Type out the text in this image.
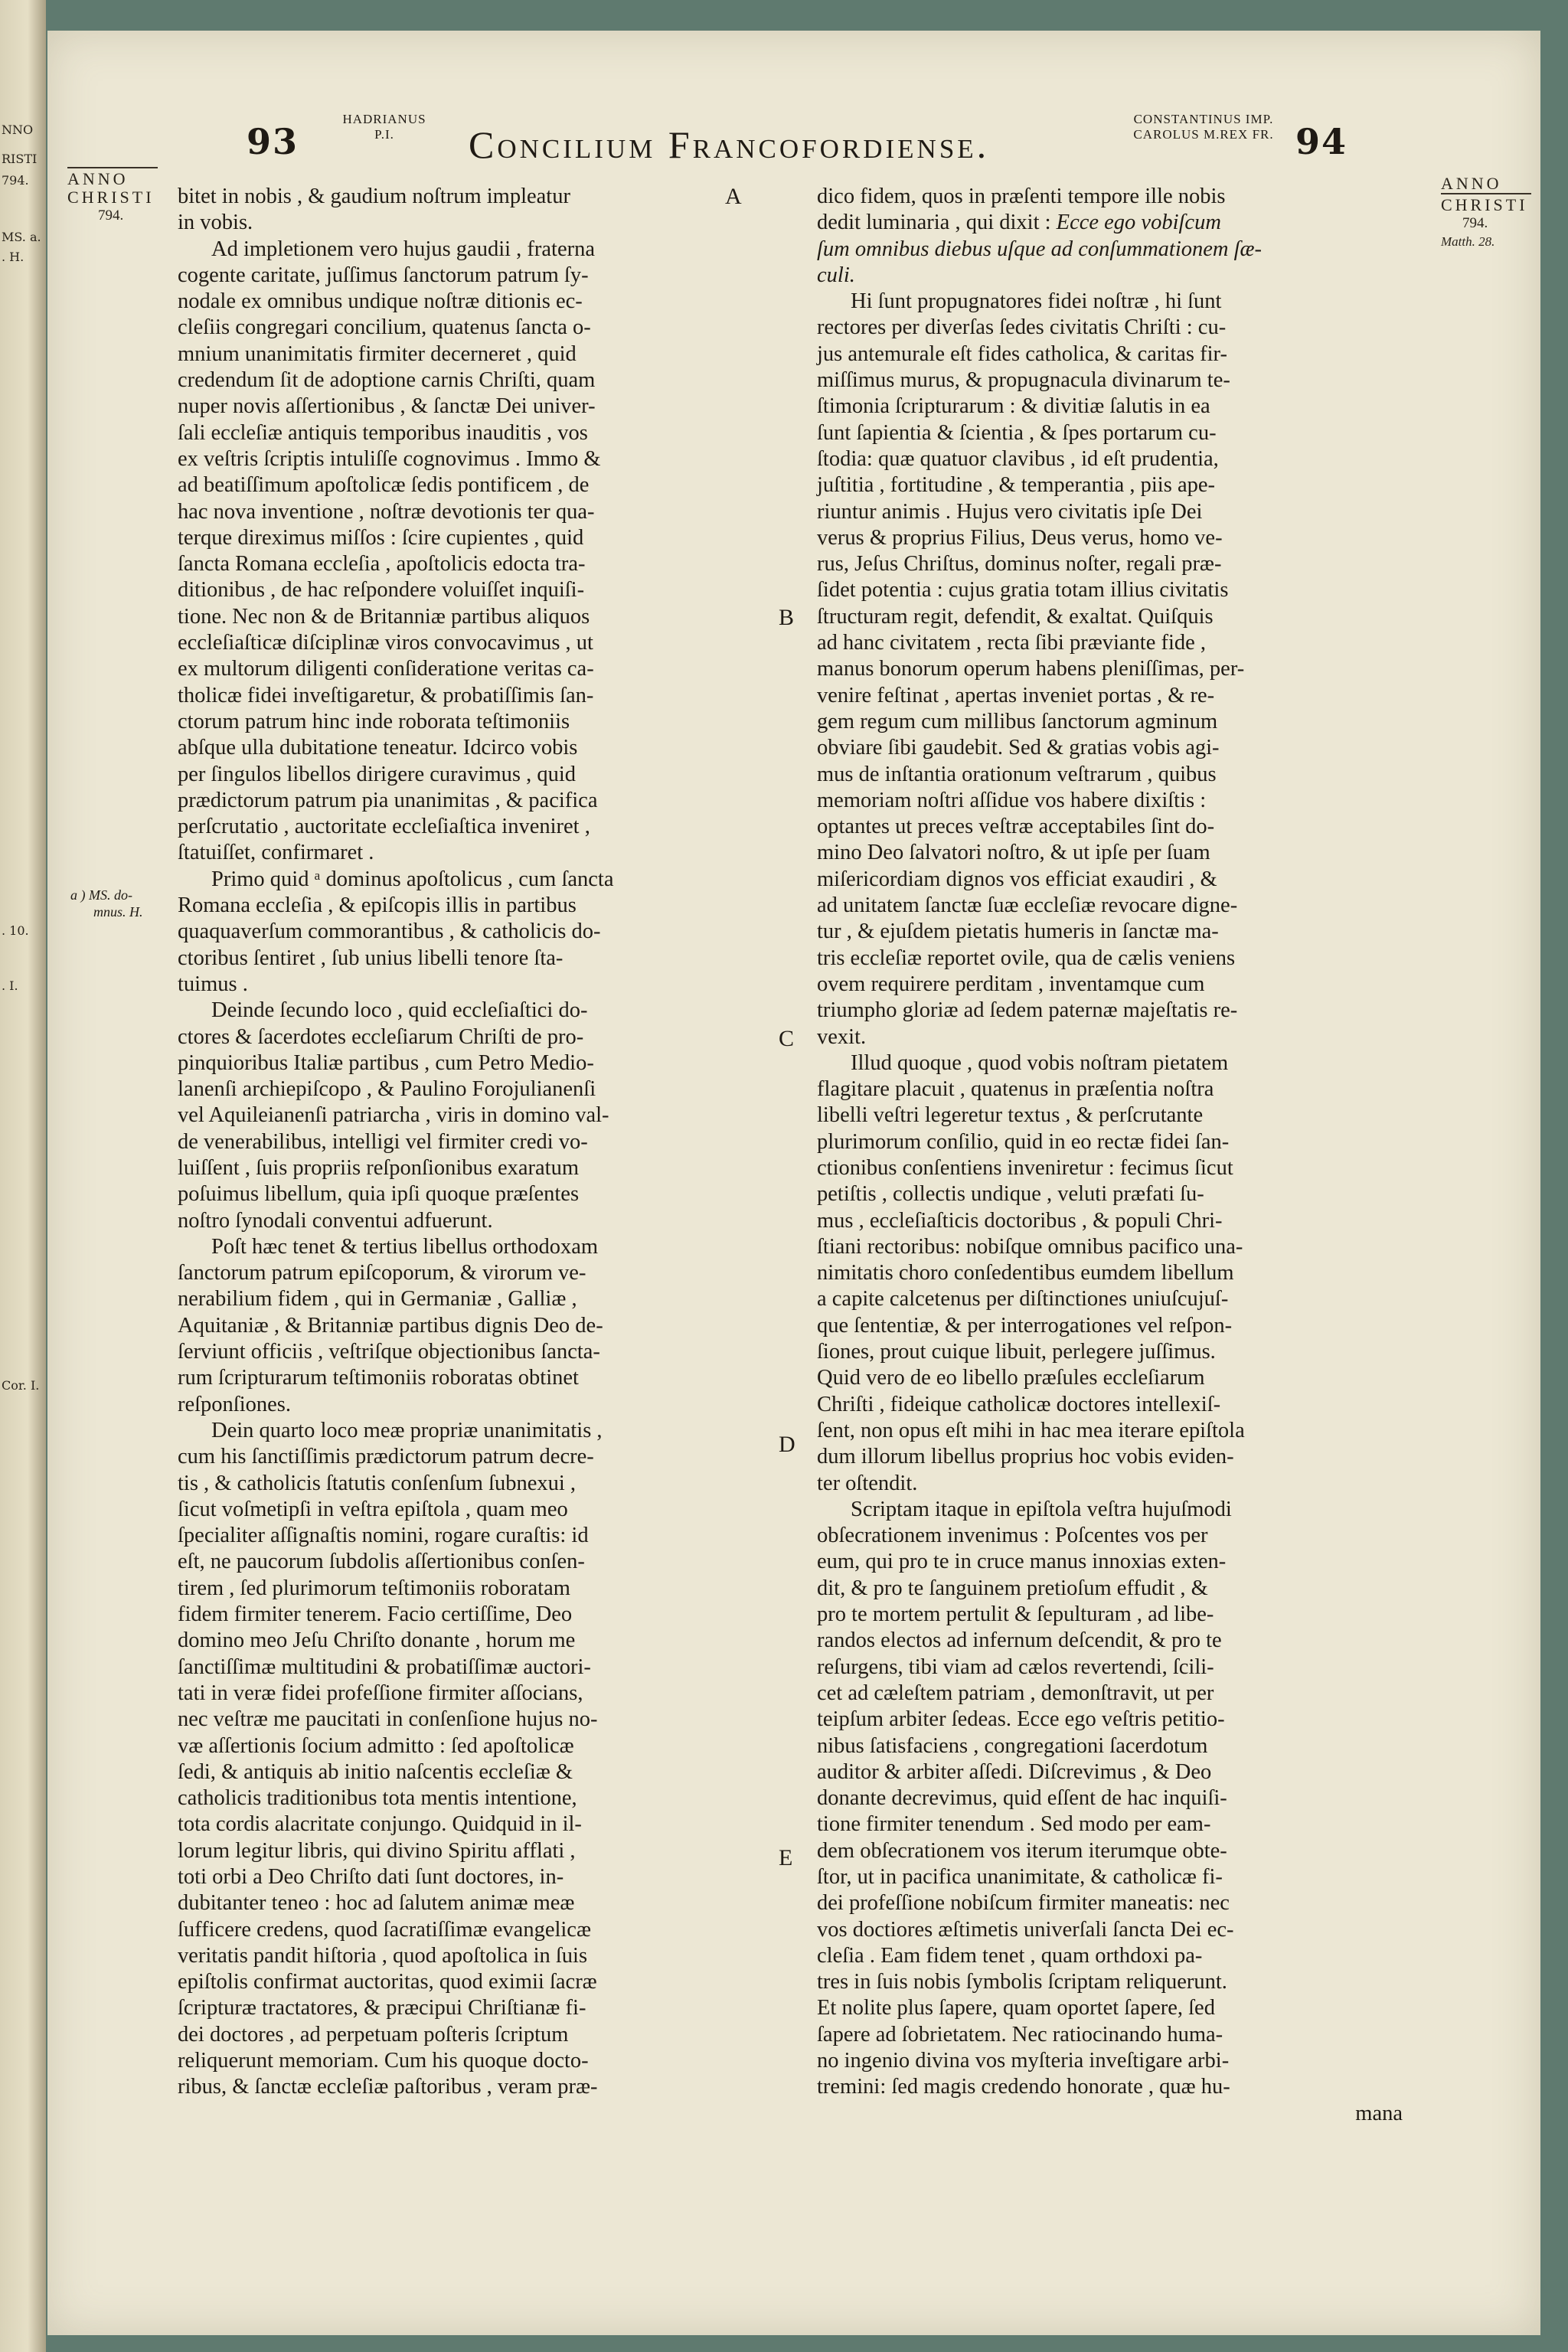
NNO
RISTI
794.
MS. a.
. H.
. 10.
. I.
Cor. I.
93
HADRIANUS
P.I.	Concilium Francofordiense.
CONSTANTINUS IMP.
CAROLUS M.REX FR. 94
ANNO
CHRISTI
794.
ANNO
CHRISTI
794.
Matth. 28.
a ) MS. do-
mnus. H.
A
B
C
D
E
bitet in nobis , & gaudium noſtrum impleatur
in vobis.
Ad impletionem vero hujus gaudii , fraterna
cogente caritate, juſſimus ſanctorum patrum ſy-
nodale ex omnibus undique noſtræ ditionis ec-
cleſiis congregari concilium, quatenus ſancta o-
mnium unanimitatis firmiter decerneret , quid
credendum ſit de adoptione carnis Chriſti, quam
nuper novis aſſertionibus , & ſanctæ Dei univer-
ſali eccleſiæ antiquis temporibus inauditis , vos
ex veſtris ſcriptis intuliſſe cognovimus . Immo &
ad beatiſſimum apoſtolicæ ſedis pontificem , de
hac nova inventione , noſtræ devotionis ter qua-
terque direximus miſſos : ſcire cupientes , quid
ſancta Romana eccleſia , apoſtolicis edocta tra-
ditionibus , de hac reſpondere voluiſſet inquiſi-
tione. Nec non & de Britanniæ partibus aliquos
eccleſiaſticæ diſciplinæ viros convocavimus , ut
ex multorum diligenti conſideratione veritas ca-
tholicæ fidei inveſtigaretur, & probatiſſimis ſan-
ctorum patrum hinc inde roborata teſtimoniis
abſque ulla dubitatione teneatur. Idcirco vobis
per ſingulos libellos dirigere curavimus , quid
prædictorum patrum pia unanimitas , & pacifica
perſcrutatio , auctoritate eccleſiaſtica inveniret ,
ſtatuiſſet, confirmaret .
Primo quid ᵃ dominus apoſtolicus , cum ſancta
Romana eccleſia , & epiſcopis illis in partibus
quaquaverſum commorantibus , & catholicis do-
ctoribus ſentiret , ſub unius libelli tenore ſta-
tuimus .
Deinde ſecundo loco , quid eccleſiaſtici do-
ctores & ſacerdotes eccleſiarum Chriſti de pro-
pinquioribus Italiæ partibus , cum Petro Medio-
lanenſi archiepiſcopo , & Paulino Forojulianenſi
vel Aquileianenſi patriarcha , viris in domino val-
de venerabilibus, intelligi vel firmiter credi vo-
luiſſent , ſuis propriis reſponſionibus exaratum
poſuimus libellum, quia ipſi quoque præſentes
noſtro ſynodali conventui adfuerunt.
Poſt hæc tenet & tertius libellus orthodoxam
ſanctorum patrum epiſcoporum, & virorum ve-
nerabilium fidem , qui in Germaniæ , Galliæ ,
Aquitaniæ , & Britanniæ partibus dignis Deo de-
ſerviunt officiis , veſtriſque objectionibus ſancta-
rum ſcripturarum teſtimoniis roboratas obtinet
reſponſiones.
Dein quarto loco meæ propriæ unanimitatis ,
cum his ſanctiſſimis prædictorum patrum decre-
tis , & catholicis ſtatutis conſenſum ſubnexui ,
ſicut voſmetipſi in veſtra epiſtola , quam meo
ſpecialiter aſſignaſtis nomini, rogare curaſtis: id
eſt, ne paucorum ſubdolis aſſertionibus conſen-
tirem , ſed plurimorum teſtimoniis roboratam
fidem firmiter tenerem. Facio certiſſime, Deo
domino meo Jeſu Chriſto donante , horum me
ſanctiſſimæ multitudini & probatiſſimæ auctori-
tati in veræ fidei profeſſione firmiter aſſocians,
nec veſtræ me paucitati in conſenſione hujus no-
væ aſſertionis ſocium admitto : ſed apoſtolicæ
ſedi, & antiquis ab initio naſcentis eccleſiæ &
catholicis traditionibus tota mentis intentione,
tota cordis alacritate conjungo. Quidquid in il-
lorum legitur libris, qui divino Spiritu afflati ,
toti orbi a Deo Chriſto dati ſunt doctores, in-
dubitanter teneo : hoc ad ſalutem animæ meæ
ſufficere credens, quod ſacratiſſimæ evangelicæ
veritatis pandit hiſtoria , quod apoſtolica in ſuis
epiſtolis confirmat auctoritas, quod eximii ſacræ
ſcripturæ tractatores, & præcipui Chriſtianæ fi-
dei doctores , ad perpetuam poſteris ſcriptum
reliquerunt memoriam. Cum his quoque docto-
ribus, & ſanctæ eccleſiæ paſtoribus , veram præ-
dico fidem, quos in præſenti tempore ille nobis
dedit luminaria , qui dixit : Ecce ego vobiſcum
ſum omnibus diebus uſque ad conſummationem ſæ-
culi.
Hi ſunt propugnatores fidei noſtræ , hi ſunt
rectores per diverſas ſedes civitatis Chriſti : cu-
jus antemurale eſt fides catholica, & caritas fir-
miſſimus murus, & propugnacula divinarum te-
ſtimonia ſcripturarum : & divitiæ ſalutis in ea
ſunt ſapientia & ſcientia , & ſpes portarum cu-
ſtodia: quæ quatuor clavibus , id eſt prudentia,
juſtitia , fortitudine , & temperantia , piis ape-
riuntur animis . Hujus vero civitatis ipſe Dei
verus & proprius Filius, Deus verus, homo ve-
rus, Jeſus Chriſtus, dominus noſter, regali præ-
ſidet potentia : cujus gratia totam illius civitatis
ſtructuram regit, defendit, & exaltat. Quiſquis
ad hanc civitatem , recta ſibi præviante fide ,
manus bonorum operum habens pleniſſimas, per-
venire feſtinat , apertas inveniet portas , & re-
gem regum cum millibus ſanctorum agminum
obviare ſibi gaudebit. Sed & gratias vobis agi-
mus de inſtantia orationum veſtrarum , quibus
memoriam noſtri aſſidue vos habere dixiſtis :
optantes ut preces veſtræ acceptabiles ſint do-
mino Deo ſalvatori noſtro, & ut ipſe per ſuam
miſericordiam dignos vos efficiat exaudiri , &
ad unitatem ſanctæ ſuæ eccleſiæ revocare digne-
tur , & ejuſdem pietatis humeris in ſanctæ ma-
tris eccleſiæ reportet ovile, qua de cælis veniens
ovem requirere perditam , inventamque cum
triumpho gloriæ ad ſedem paternæ majeſtatis re-
vexit.
Illud quoque , quod vobis noſtram pietatem
flagitare placuit , quatenus in præſentia noſtra
libelli veſtri legeretur textus , & perſcrutante
plurimorum conſilio, quid in eo rectæ fidei ſan-
ctionibus conſentiens inveniretur : fecimus ſicut
petiſtis , collectis undique , veluti præfati ſu-
mus , eccleſiaſticis doctoribus , & populi Chri-
ſtiani rectoribus: nobiſque omnibus pacifico una-
nimitatis choro conſedentibus eumdem libellum
a capite calcetenus per diſtinctiones uniuſcujuſ-
que ſententiæ, & per interrogationes vel reſpon-
ſiones, prout cuique libuit, perlegere juſſimus.
Quid vero de eo libello præſules eccleſiarum
Chriſti , fideique catholicæ doctores intellexiſ-
ſent, non opus eſt mihi in hac mea iterare epiſtola
dum illorum libellus proprius hoc vobis eviden-
ter oſtendit.
Scriptam itaque in epiſtola veſtra hujuſmodi
obſecrationem invenimus : Poſcentes vos per
eum, qui pro te in cruce manus innoxias exten-
dit, & pro te ſanguinem pretioſum effudit , &
pro te mortem pertulit & ſepulturam , ad libe-
randos electos ad infernum deſcendit, & pro te
reſurgens, tibi viam ad cælos revertendi, ſcili-
cet ad cæleſtem patriam , demonſtravit, ut per
teipſum arbiter ſedeas. Ecce ego veſtris petitio-
nibus ſatisfaciens , congregationi ſacerdotum
auditor & arbiter aſſedi. Diſcrevimus , & Deo
donante decrevimus, quid eſſent de hac inquiſi-
tione firmiter tenendum . Sed modo per eam-
dem obſecrationem vos iterum iterumque obte-
ſtor, ut in pacifica unanimitate, & catholicæ fi-
dei profeſſione nobiſcum firmiter maneatis: nec
vos doctiores æſtimetis univerſali ſancta Dei ec-
cleſia . Eam fidem tenet , quam orthdoxi pa-
tres in ſuis nobis ſymbolis ſcriptam reliquerunt.
Et nolite plus ſapere, quam oportet ſapere, ſed
ſapere ad ſobrietatem. Nec ratiocinando huma-
no ingenio divina vos myſteria inveſtigare arbi-
tremini: ſed magis credendo honorate , quæ hu-
mana
